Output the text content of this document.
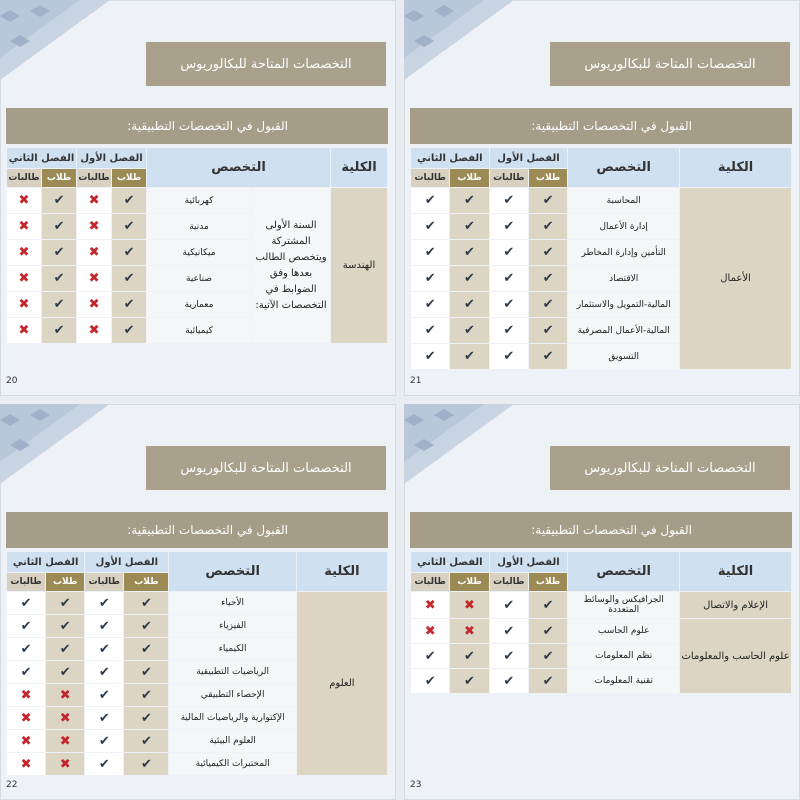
التخصصات المتاحة للبكالوريوس
القبول في التخصصات التطبيقية:
الكلية	التخصص		الفصل الأول		الفصل الثاني	
			طلاب	طالبات	طلاب	طالبات
الهندسة	السنة الأولى المشتركة ويتخصص الطالب بعدها وفق الضوابط في التخصصات الآتية:	كهربائية	✔	✖	✔	✖
		مدنية	✔	✖	✔	✖
		ميكانيكية	✔	✖	✔	✖
		صناعية	✔	✖	✔	✖
		معمارية	✔	✖	✔	✖
		كيميائية	✔	✖	✔	✖
20
التخصصات المتاحة للبكالوريوس
القبول في التخصصات التطبيقية:
الكلية	التخصص	الفصل الأول		الفصل الثاني	
		طلاب	طالبات	طلاب	طالبات
الأعمال	المحاسبة	✔	✔	✔	✔
	إدارة الأعمال	✔	✔	✔	✔
	التأمين وإدارة المخاطر	✔	✔	✔	✔
	الاقتصاد	✔	✔	✔	✔
	المالية-التمويل والاستثمار	✔	✔	✔	✔
	المالية-الأعمال المصرفية	✔	✔	✔	✔
	التسويق	✔	✔	✔	✔
21
التخصصات المتاحة للبكالوريوس
القبول في التخصصات التطبيقية:
الكلية	التخصص	الفصل الأول		الفصل الثاني	
		طلاب	طالبات	طلاب	طالبات
العلوم	الأحياء	✔	✔	✔	✔
	الفيزياء	✔	✔	✔	✔
	الكيمياء	✔	✔	✔	✔
	الرياضيات التطبيقية	✔	✔	✔	✔
	الإحصاء التطبيقي	✔	✔	✖	✖
	الإكتوارية والرياضيات المالية	✔	✔	✖	✖
	العلوم البيئية	✔	✔	✖	✖
	المختبرات الكيميائية	✔	✔	✖	✖
22
التخصصات المتاحة للبكالوريوس
القبول في التخصصات التطبيقية:
الكلية	التخصص	الفصل الأول		الفصل الثاني	
		طلاب	طالبات	طلاب	طالبات
الإعلام والاتصال	الجرافيكس والوسائط المتعددة	✔	✔	✖	✖
علوم الحاسب والمعلومات	علوم الحاسب	✔	✔	✖	✖
	نظم المعلومات	✔	✔	✔	✔
	تقنية المعلومات	✔	✔	✔	✔
23
